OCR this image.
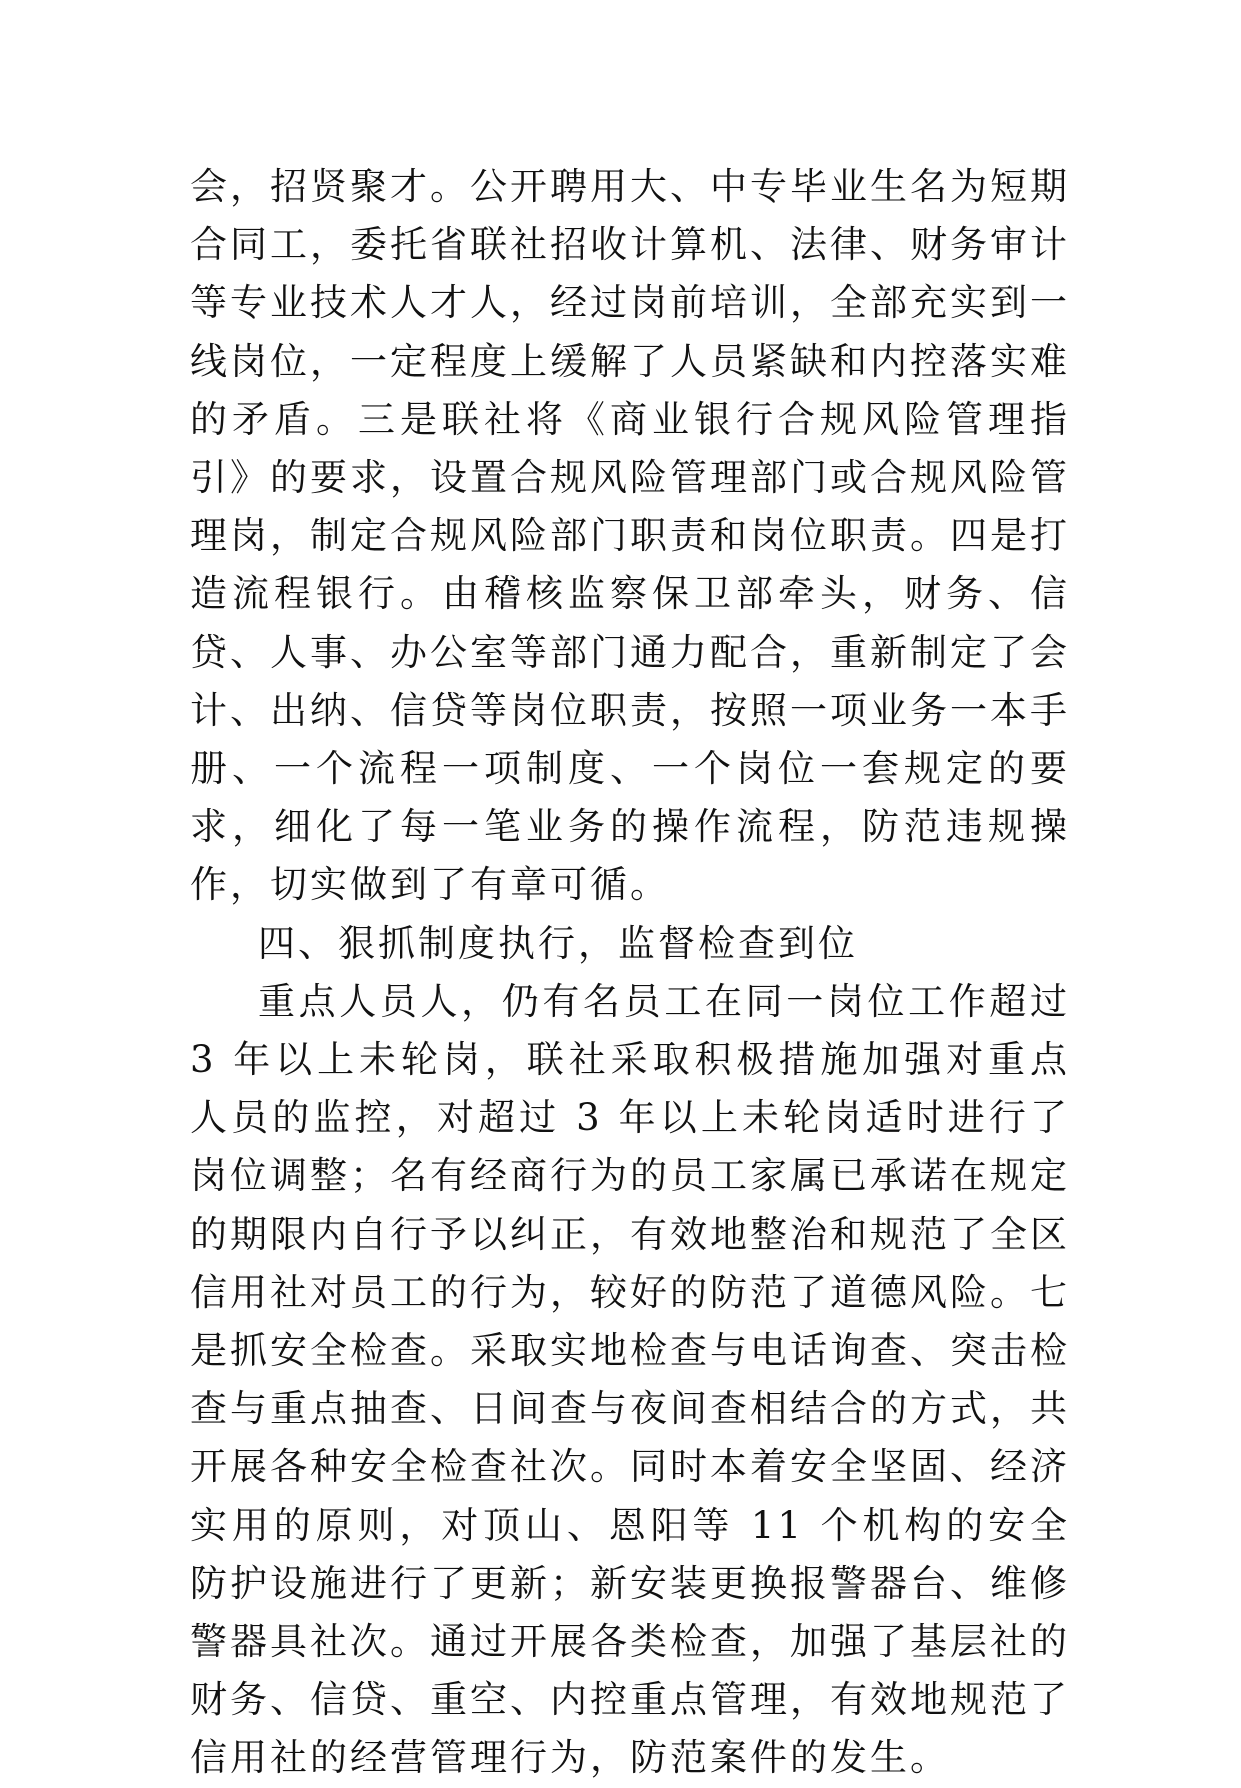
会，招贤聚才。公开聘用大、中专毕业生名为短期合同工，委托省联社招收计算机、法律、财务审计等专业技术人才人，经过岗前培训，全部充实到一线岗位，一定程度上缓解了人员紧缺和内控落实难的矛盾。三是联社将《商业银行合规风险管理指引》的要求，设置合规风险管理部门或合规风险管理岗，制定合规风险部门职责和岗位职责。四是打造流程银行。由稽核监察保卫部牵头，财务、信贷、人事、办公室等部门通力配合，重新制定了会计、出纳、信贷等岗位职责，按照一项业务一本手册、一个流程一项制度、一个岗位一套规定的要求，细化了每一笔业务的操作流程，防范违规操作，切实做到了有章可循。

四、狠抓制度执行，监督检查到位

重点人员人，仍有名员工在同一岗位工作超过 3 年以上未轮岗，联社采取积极措施加强对重点人员的监控，对超过 3 年以上未轮岗适时进行了岗位调整；名有经商行为的员工家属已承诺在规定的期限内自行予以纠正，有效地整治和规范了全区信用社对员工的行为，较好的防范了道德风险。七是抓安全检查。采取实地检查与电话询查、突击检查与重点抽查、日间查与夜间查相结合的方式，共开展各种安全检查社次。同时本着安全坚固、经济实用的原则，对顶山、恩阳等 11 个机构的安全防护设施进行了更新；新安装更换报警器台、维修警器具社次。通过开展各类检查，加强了基层社的财务、信贷、重空、内控重点管理，有效地规范了信用社的经营管理行为，防范案件的发生。
